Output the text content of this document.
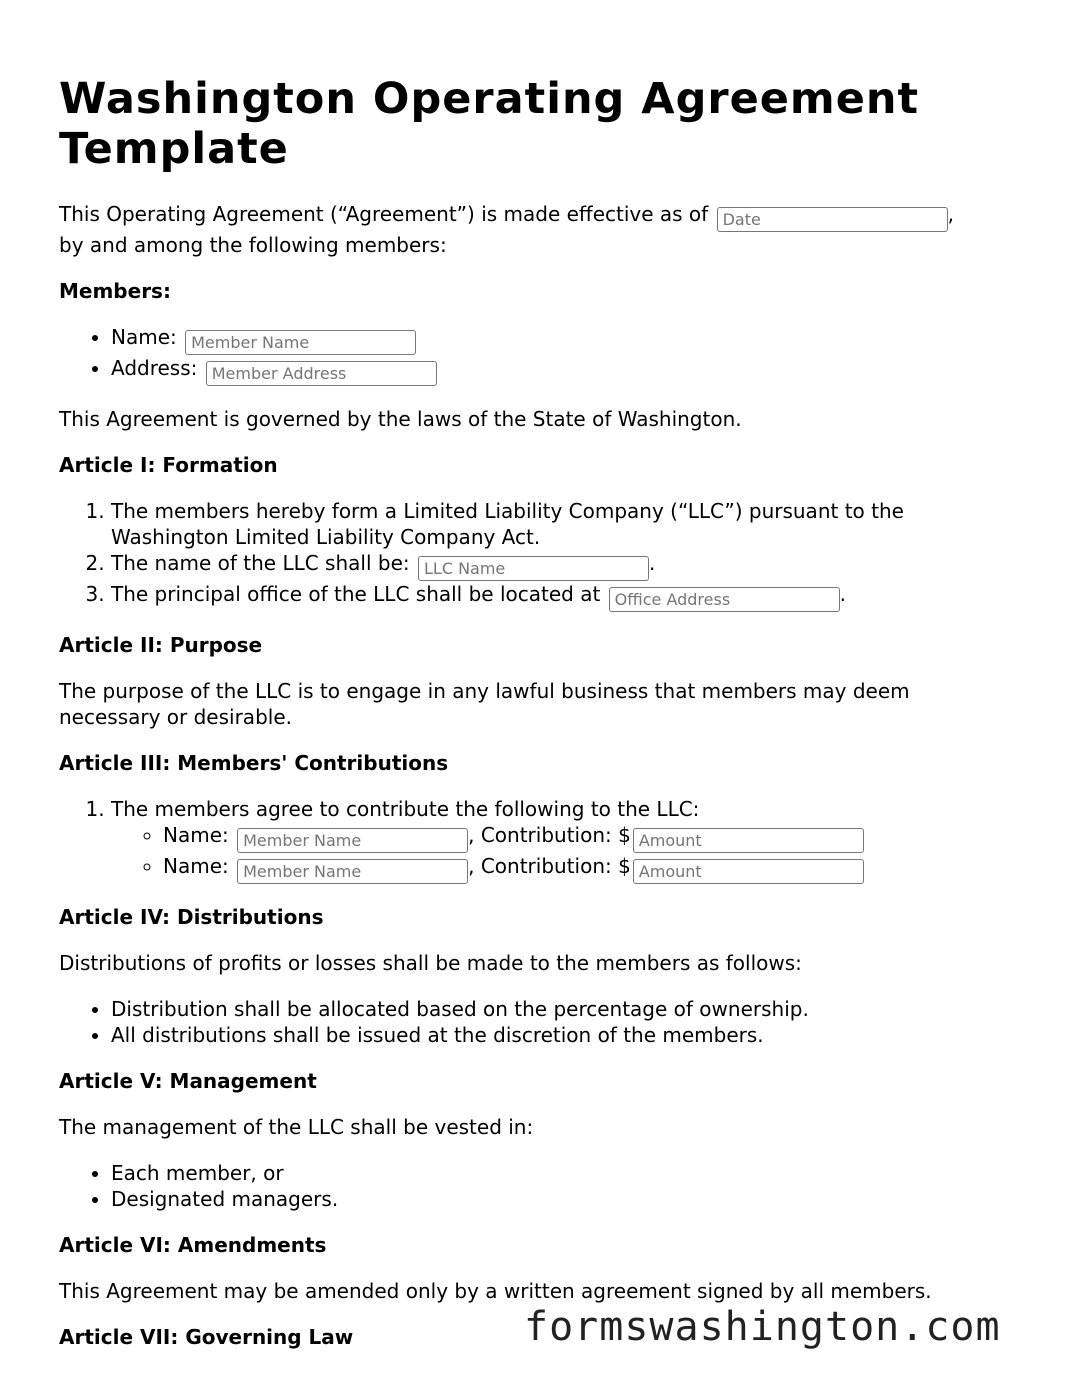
Washington Operating Agreement Template

This Operating Agreement (“Agreement”) is made effective as of Date	,
by and among the following members:

Members:
• Name: Member Name
• Address: Member Address

This Agreement is governed by the laws of the State of Washington.

Article I: Formation
1. The members hereby form a Limited Liability Company (“LLC”) pursuant to the Washington Limited Liability Company Act.
2. The name of the LLC shall be: LLC Name	.
3. The principal office of the LLC shall be located at Office Address	.
Article II: Purpose

The purpose of the LLC is to engage in any lawful business that members may deem necessary or desirable.

Article III: Members' Contributions
1. The members agree to contribute the following to the LLC:
◦ Name: Member Name	, Contribution: $Amount
◦ Name: Member Name	, Contribution: $Amount
Article IV: Distributions

Distributions of profits or losses shall be made to the members as follows:

• Distribution shall be allocated based on the percentage of ownership.
• All distributions shall be issued at the discretion of the members.
Article V: Management

The management of the LLC shall be vested in:

• Each member, or
• Designated managers.
Article VI: Amendments

This Agreement may be amended only by a written agreement signed by all members.

Article VII: Governing Law	formswashington.com
